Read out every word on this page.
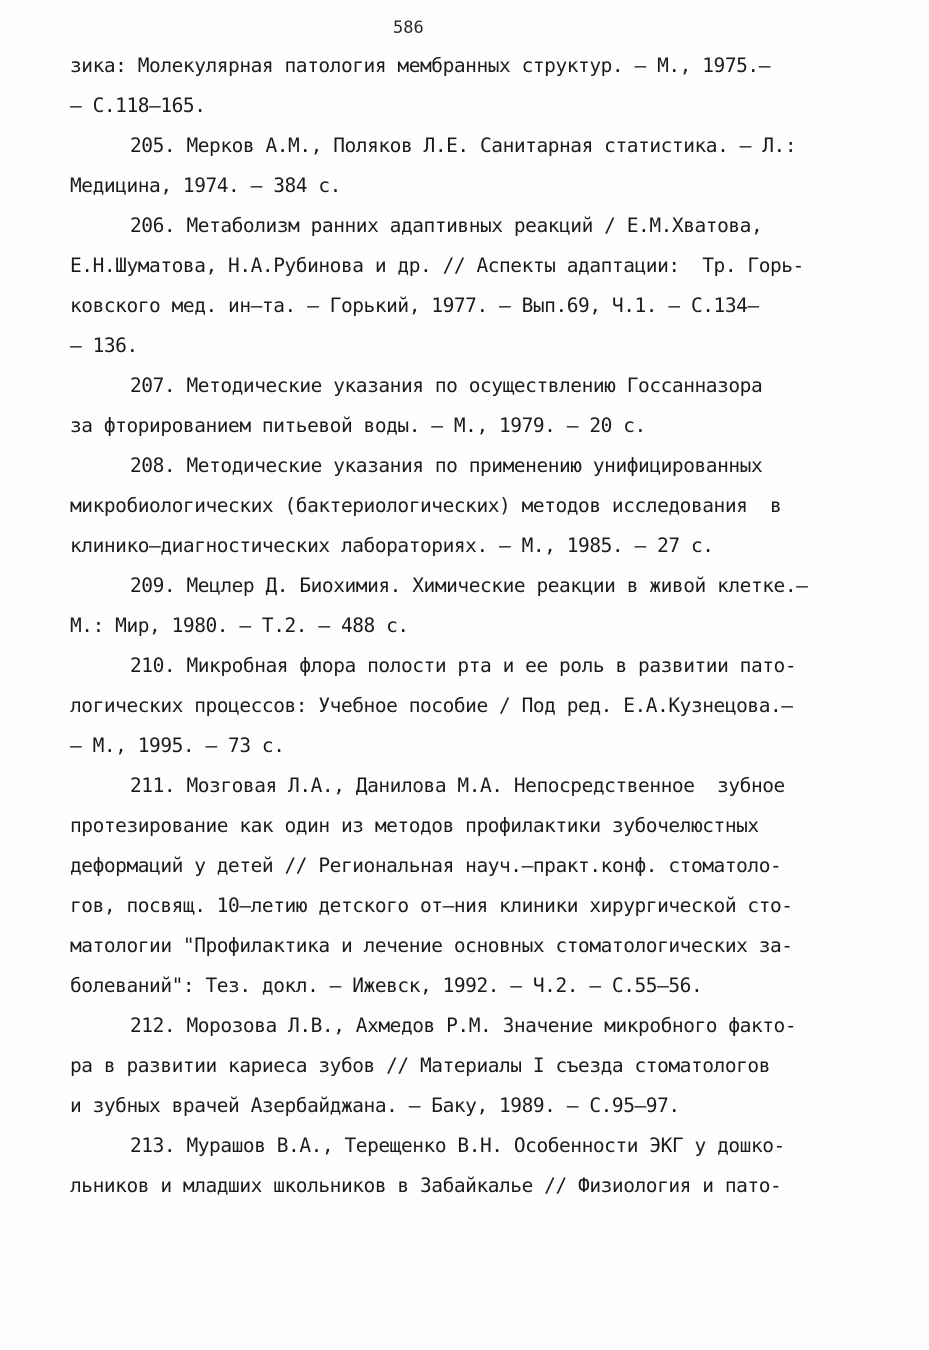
586
зика: Молекулярная патология мембранных структур. – М., 1975.–
– С.118–165.
205. Мерков А.М., Поляков Л.Е. Санитарная статистика. – Л.:
Медицина, 1974. – 384 с.
206. Метаболизм ранних адаптивных реакций / Е.М.Хватова,
Е.Н.Шуматова, Н.А.Рубинова и др. // Аспекты адаптации:  Тр. Горь-
ковского мед. ин–та. – Горький, 1977. – Вып.69, Ч.1. – С.134–
– 136.
207. Методические указания по осуществлению Госсанназора
за фторированием питьевой воды. – М., 1979. – 20 с.
208. Методические указания по применению унифицированных
микробиологических (бактериологических) методов исследования  в
клинико–диагностических лабораториях. – М., 1985. – 27 с.
209. Мецлер Д. Биохимия. Химические реакции в живой клетке.–
М.: Мир, 1980. – Т.2. – 488 с.
210. Микробная флора полости рта и ее роль в развитии пато-
логических процессов: Учебное пособие / Под ред. Е.А.Кузнецова.–
– М., 1995. – 73 с.
211. Мозговая Л.А., Данилова М.А. Непосредственное  зубное
протезирование как один из методов профилактики зубочелюстных
деформаций у детей // Региональная науч.–практ.конф. стоматоло-
гов, посвящ. 10–летию детского от–ния клиники хирургической сто-
матологии "Профилактика и лечение основных стоматологических за-
болеваний": Тез. докл. – Ижевск, 1992. – Ч.2. – С.55–56.
212. Морозова Л.В., Ахмедов Р.М. Значение микробного факто-
ра в развитии кариеса зубов // Материалы I съезда стоматологов
и зубных врачей Азербайджана. – Баку, 1989. – С.95–97.
213. Мурашов В.А., Терещенко В.Н. Особенности ЭКГ у дошко-
льников и младших школьников в Забайкалье // Физиология и пато-
